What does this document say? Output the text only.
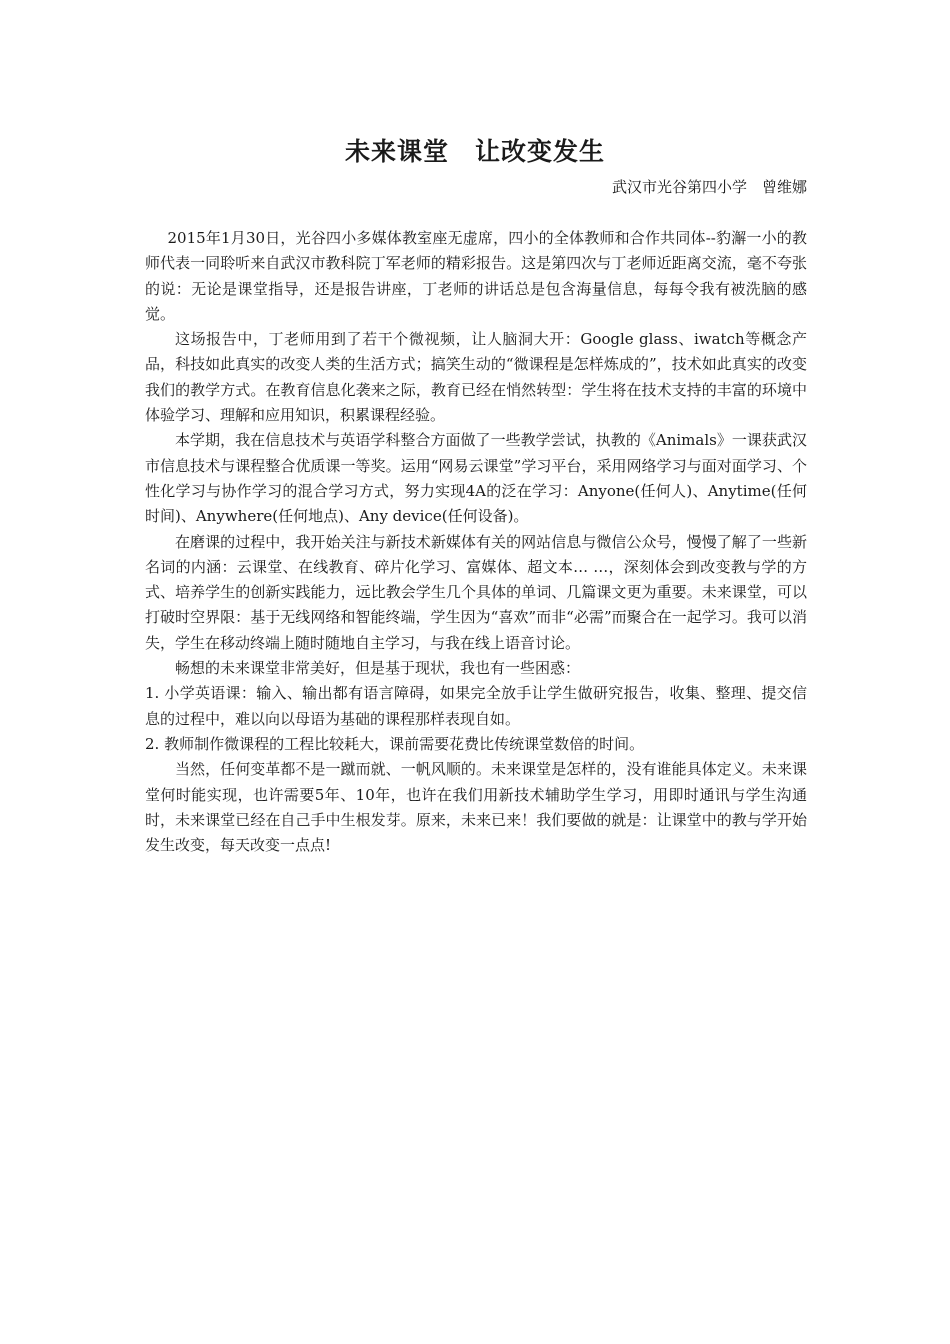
未来课堂　让改变发生
武汉市光谷第四小学　曾维娜

2015年1月30日，光谷四小多媒体教室座无虚席，四小的全体教师和合作共同体--豹澥一小的教师代表一同聆听来自武汉市教科院丁军老师的精彩报告。这是第四次与丁老师近距离交流，毫不夸张的说：无论是课堂指导，还是报告讲座，丁老师的讲话总是包含海量信息，每每令我有被洗脑的感觉。

这场报告中，丁老师用到了若干个微视频，让人脑洞大开：Google glass、iwatch等概念产品，科技如此真实的改变人类的生活方式；搞笑生动的“微课程是怎样炼成的”，技术如此真实的改变我们的教学方式。在教育信息化袭来之际，教育已经在悄然转型：学生将在技术支持的丰富的环境中体验学习、理解和应用知识，积累课程经验。

本学期，我在信息技术与英语学科整合方面做了一些教学尝试，执教的《Animals》一课获武汉市信息技术与课程整合优质课一等奖。运用“网易云课堂”学习平台，采用网络学习与面对面学习、个性化学习与协作学习的混合学习方式，努力实现4A的泛在学习：Anyone(任何人)、Anytime(任何时间)、Anywhere(任何地点)、Any device(任何设备)。

在磨课的过程中，我开始关注与新技术新媒体有关的网站信息与微信公众号，慢慢了解了一些新名词的内涵：云课堂、在线教育、碎片化学习、富媒体、超文本… …，深刻体会到改变教与学的方式、培养学生的创新实践能力，远比教会学生几个具体的单词、几篇课文更为重要。未来课堂，可以打破时空界限：基于无线网络和智能终端，学生因为“喜欢”而非“必需”而聚合在一起学习。我可以消失，学生在移动终端上随时随地自主学习，与我在线上语音讨论。

畅想的未来课堂非常美好，但是基于现状，我也有一些困惑：

1. 小学英语课：输入、输出都有语言障碍，如果完全放手让学生做研究报告，收集、整理、提交信息的过程中，难以向以母语为基础的课程那样表现自如。

2. 教师制作微课程的工程比较耗大，课前需要花费比传统课堂数倍的时间。

当然，任何变革都不是一蹴而就、一帆风顺的。未来课堂是怎样的，没有谁能具体定义。未来课堂何时能实现，也许需要5年、10年，也许在我们用新技术辅助学生学习，用即时通讯与学生沟通时，未来课堂已经在自己手中生根发芽。原来，未来已来！我们要做的就是：让课堂中的教与学开始发生改变，每天改变一点点!
